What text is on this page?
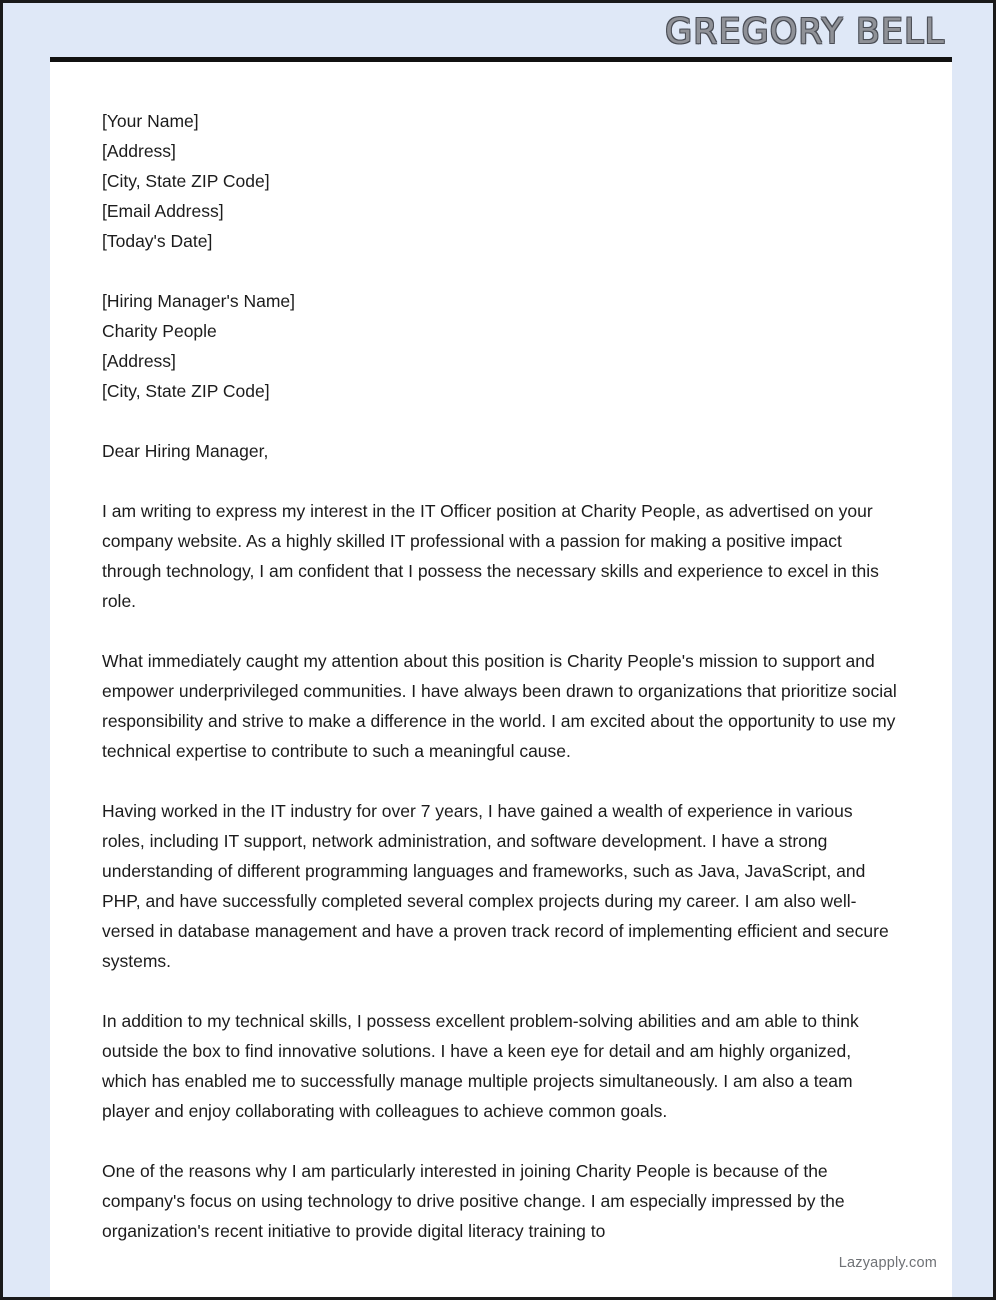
GREGORY BELL
[Your Name]
[Address]
[City, State ZIP Code]
[Email Address]
[Today's Date]
[Hiring Manager's Name]
Charity People
[Address]
[City, State ZIP Code]
Dear Hiring Manager,

I am writing to express my interest in the IT Officer position at Charity People, as advertised on your company website. As a highly skilled IT professional with a passion for making a positive impact through technology, I am confident that I possess the necessary skills and experience to excel in this role.

What immediately caught my attention about this position is Charity People's mission to support and empower underprivileged communities. I have always been drawn to organizations that prioritize social responsibility and strive to make a difference in the world. I am excited about the opportunity to use my technical expertise to contribute to such a meaningful cause.

Having worked in the IT industry for over 7 years, I have gained a wealth of experience in various roles, including IT support, network administration, and software development. I have a strong understanding of different programming languages and frameworks, such as Java, JavaScript, and PHP, and have successfully completed several complex projects during my career. I am also well-versed in database management and have a proven track record of implementing efficient and secure systems.

In addition to my technical skills, I possess excellent problem-solving abilities and am able to think outside the box to find innovative solutions. I have a keen eye for detail and am highly organized, which has enabled me to successfully manage multiple projects simultaneously. I am also a team player and enjoy collaborating with colleagues to achieve common goals.

One of the reasons why I am particularly interested in joining Charity People is because of the company's focus on using technology to drive positive change. I am especially impressed by the organization's recent initiative to provide digital literacy training to

Lazyapply.com
